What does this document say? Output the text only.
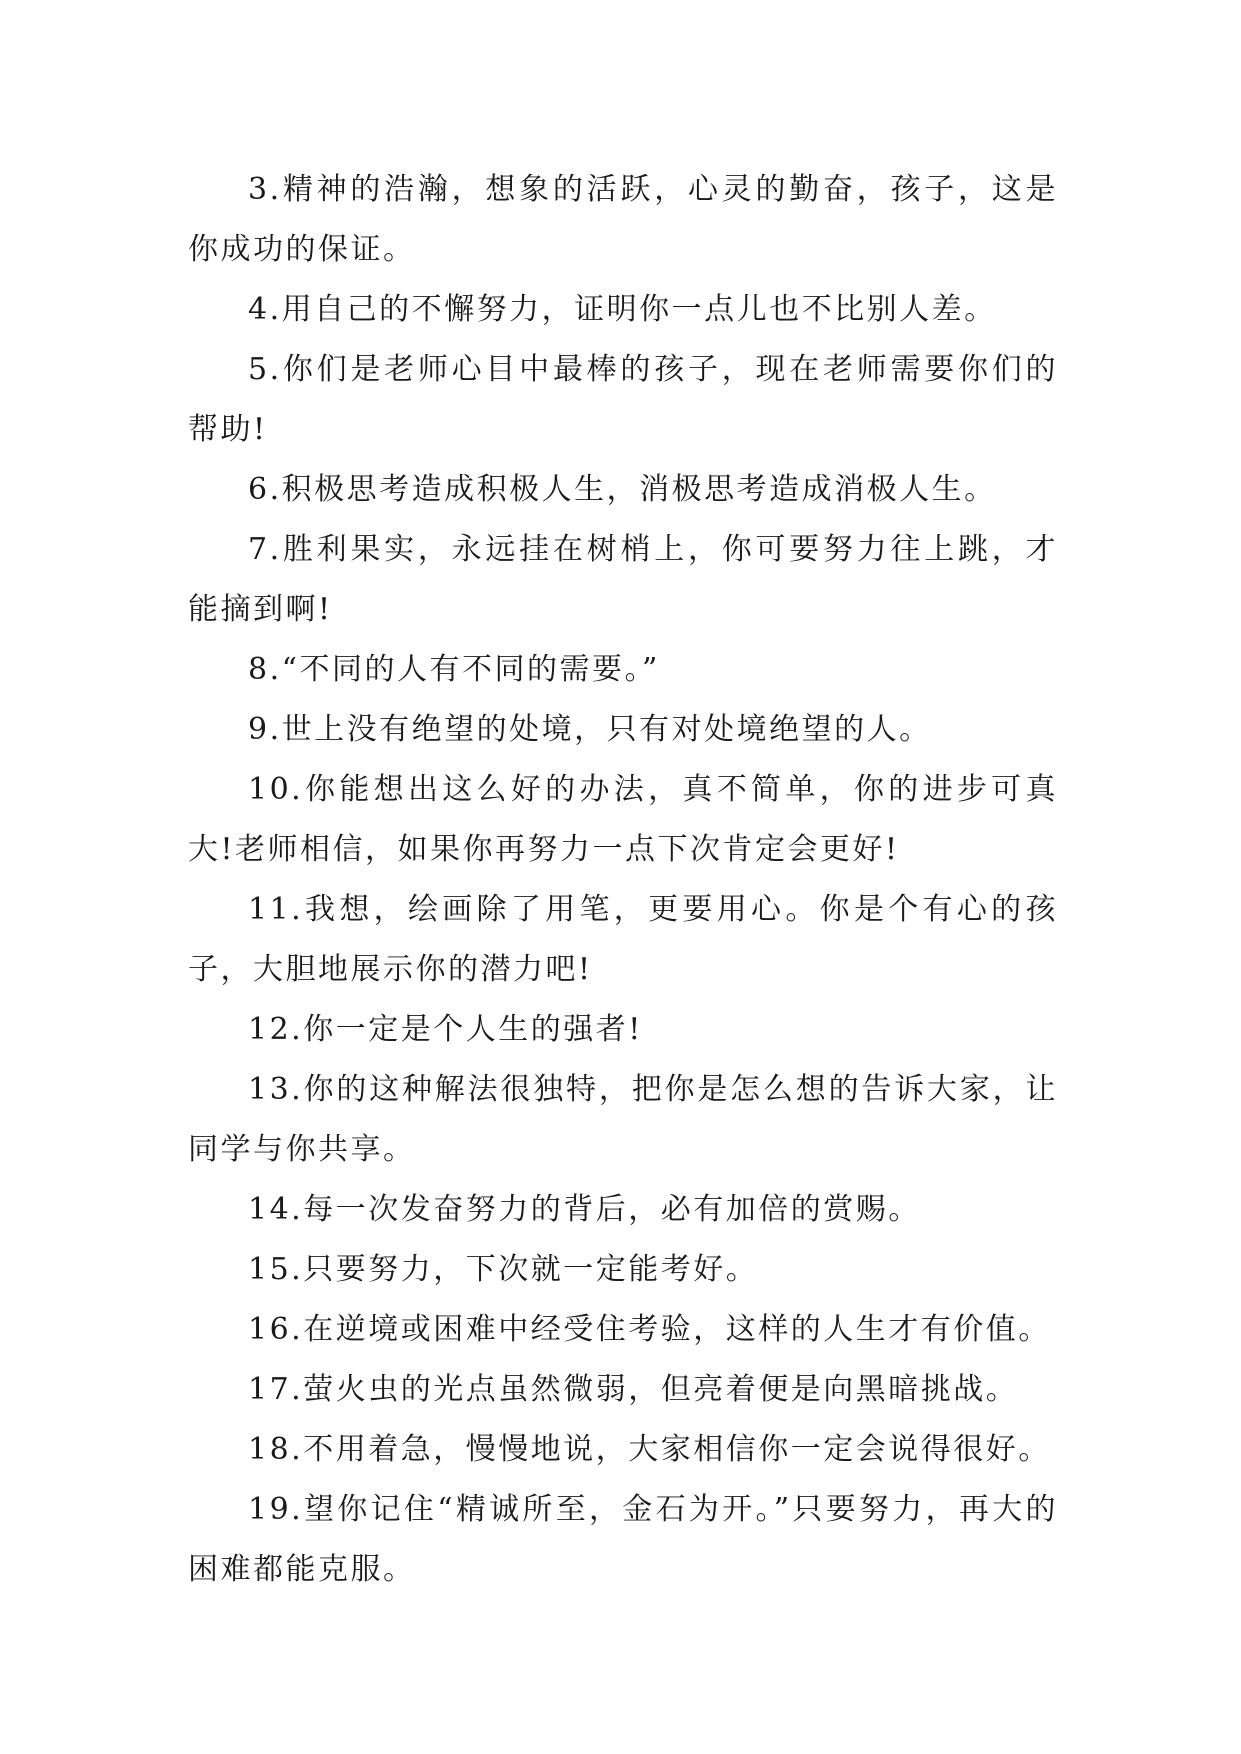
3.精神的浩瀚，想象的活跃，心灵的勤奋，孩子，这是你成功的保证。

4.用自己的不懈努力，证明你一点儿也不比别人差。

5.你们是老师心目中最棒的孩子，现在老师需要你们的帮助!

6.积极思考造成积极人生，消极思考造成消极人生。

7.胜利果实，永远挂在树梢上，你可要努力往上跳，才能摘到啊!

8.“不同的人有不同的需要。”

9.世上没有绝望的处境，只有对处境绝望的人。

10.你能想出这么好的办法，真不简单，你的进步可真大!老师相信，如果你再努力一点下次肯定会更好!

11.我想，绘画除了用笔，更要用心。你是个有心的孩子，大胆地展示你的潜力吧!

12.你一定是个人生的强者!

13.你的这种解法很独特，把你是怎么想的告诉大家，让同学与你共享。

14.每一次发奋努力的背后，必有加倍的赏赐。

15.只要努力，下次就一定能考好。

16.在逆境或困难中经受住考验，这样的人生才有价值。

17.萤火虫的光点虽然微弱，但亮着便是向黑暗挑战。

18.不用着急，慢慢地说，大家相信你一定会说得很好。

19.望你记住“精诚所至，金石为开。”只要努力，再大的困难都能克服。
